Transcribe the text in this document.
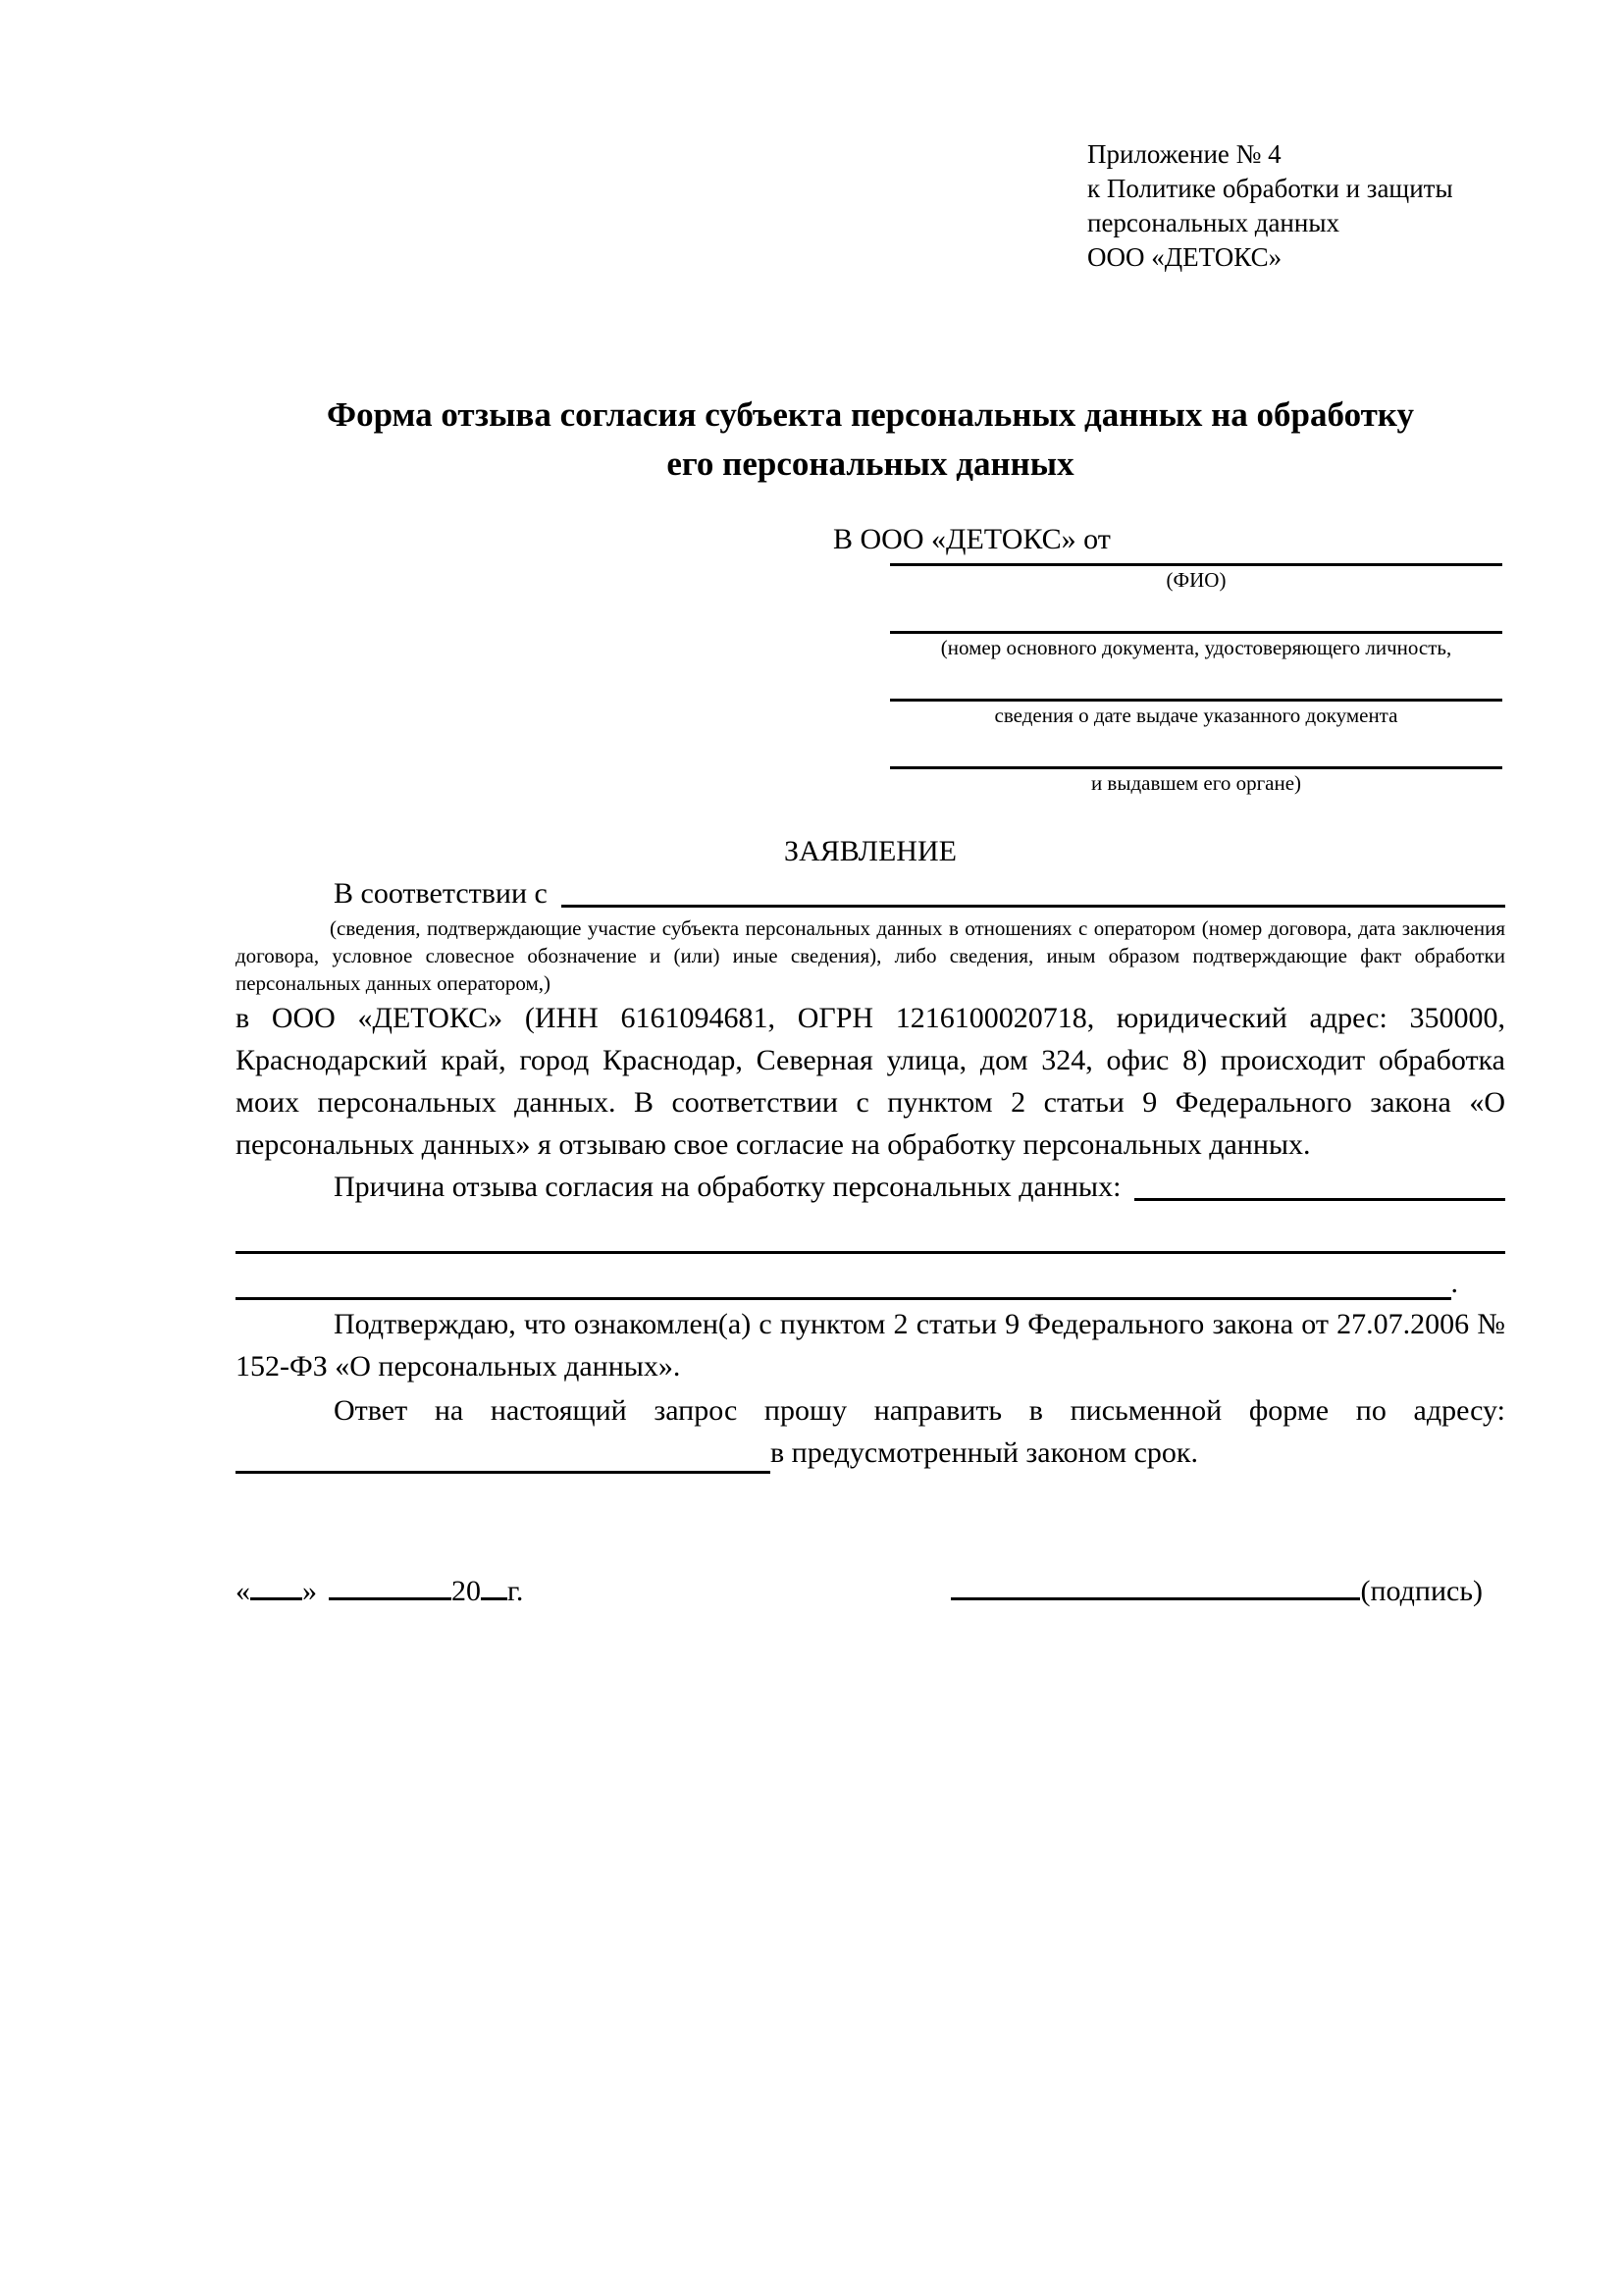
Приложение № 4
к Политике обработки и защиты
персональных данных
ООО «ДЕТОКС»
Форма отзыва согласия субъекта персональных данных на обработку
его персональных данных
В ООО «ДЕТОКС» от
(ФИО)
(номер основного документа, удостоверяющего личность,
сведения о дате выдаче указанного документа
и выдавшем его органе)
ЗАЯВЛЕНИЕ
В соответствии с
(сведения, подтверждающие участие субъекта персональных данных в отношениях с оператором (номер договора, дата заключения договора, условное словесное обозначение и (или) иные сведения), либо сведения, иным образом подтверждающие факт обработки персональных данных оператором,)
в ООО «ДЕТОКС» (ИНН 6161094681, ОГРН 1216100020718, юридический адрес: 350000, Краснодарский край, город Краснодар, Северная улица, дом 324, офис 8) происходит обработка моих персональных данных. В соответствии с пунктом 2 статьи 9 Федерального закона «О персональных данных» я отзываю свое согласие на обработку персональных данных.
Причина отзыва согласия на обработку персональных данных:
.
Подтверждаю, что ознакомлен(а) с пунктом 2 статьи 9 Федерального закона от 27.07.2006 № 152-ФЗ «О персональных данных».
Ответ на настоящий запрос прошу направить в письменной форме по адресу:
в предусмотренный законом срок.
« »	20 г.	(подпись)
